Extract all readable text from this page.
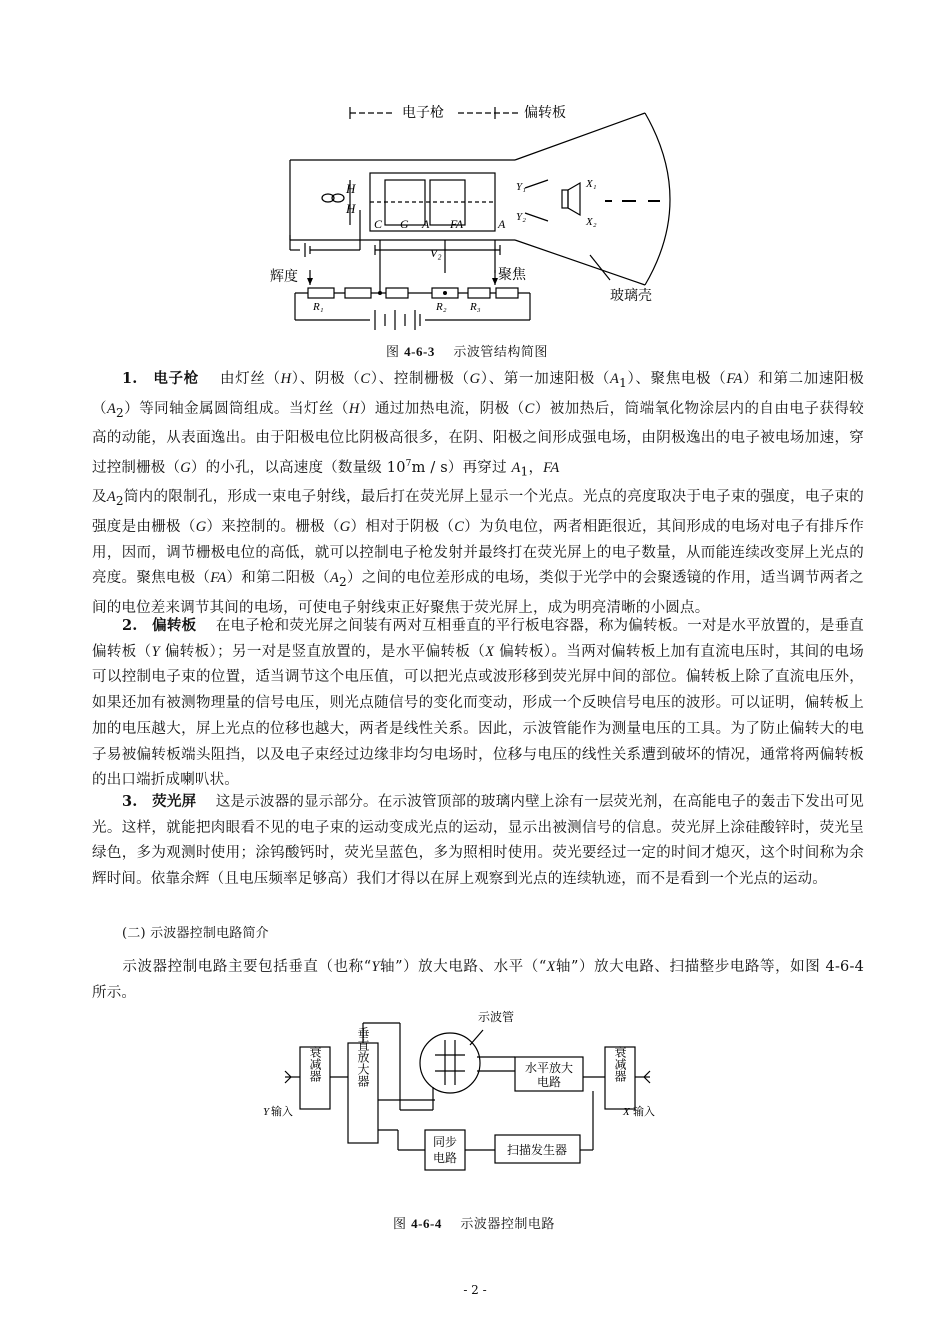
电子枪	偏转板
H
H
C G A FA	A
V₂
Y₁
Y₂
X₁
X₂
辉度	聚焦
玻璃壳
R₁	R₂ R₃
图 4-6-3 示波管结构简图
1. 电子枪 由灯丝（H）、阴极（C）、控制栅极（G）、第一加速阳极$(A_1)$、聚焦电极（FA）和第二加速阳极$(A_2)$等同轴金属圆筒组成。当灯丝（H）通过加热电流，阴极（C）被加热后，筒端氧化物涂层内的自由电子获得较高的动能，从表面逸出。由于阳极电位比阴极高很多，在阴、阳极之间形成强电场，由阴极逸出的电子被电场加速，穿过控制栅极（G）的小孔，以高速度（数量级 $10^7m / s$）再穿过 $A_1$，FA
及$A_2$筒内的限制孔，形成一束电子射线，最后打在荧光屏上显示一个光点。光点的亮度取决于电子束的强度，电子束的强度是由栅极（G）来控制的。栅极（G）相对于阴极（C）为负电位，两者相距很近，其间形成的电场对电子有排斥作用，因而，调节栅极电位的高低，就可以控制电子枪发射并最终打在荧光屏上的电子数量，从而能连续改变屏上光点的亮度。聚焦电极（FA）和第二阳极$(A_2)$之间的电位差形成的电场，类似于光学中的会聚透镜的作用，适当调节两者之间的电位差来调节其间的电场，可使电子射线束正好聚焦于荧光屏上，成为明亮清晰的小圆点。
2. 偏转板 在电子枪和荧光屏之间装有两对互相垂直的平行板电容器，称为偏转板。一对是水平放置的，是垂直偏转板（Y 偏转板）；另一对是竖直放置的，是水平偏转板（X 偏转板）。当两对偏转板上加有直流电压时，其间的电场可以控制电子束的位置，适当调节这个电压值，可以把光点或波形移到荧光屏中间的部位。偏转板上除了直流电压外，如果还加有被测物理量的信号电压，则光点随信号的变化而变动，形成一个反映信号电压的波形。可以证明，偏转板上加的电压越大，屏上光点的位移也越大，两者是线性关系。因此，示波管能作为测量电压的工具。为了防止偏转大的电子易被偏转板端头阻挡，以及电子束经过边缘非均匀电场时，位移与电压的线性关系遭到破坏的情况，通常将两偏转板的出口端折成喇叭状。
3. 荧光屏 这是示波器的显示部分。在示波管顶部的玻璃内壁上涂有一层荧光剂，在高能电子的轰击下发出可见光。这样，就能把肉眼看不见的电子束的运动变成光点的运动，显示出被测信号的信息。荧光屏上涂硅酸锌时，荧光呈绿色，多为观测时使用；涂钨酸钙时，荧光呈蓝色，多为照相时使用。荧光要经过一定的时间才熄灭，这个时间称为余辉时间。依靠余辉（且电压频率足够高）我们才得以在屏上观察到光点的连续轨迹，而不是看到一个光点的运动。
(二) 示波器控制电路简介
示波器控制电路主要包括垂直（也称“Y轴”）放大电路、水平（“X轴”）放大电路、扫描整步电路等，如图 4-6-4 所示。
衰减器	垂直放大器
示波管
水平放大
电路	衰减器
同步
电路
扫描发生器
Y 输入	X 输入
图 4-6-4 示波器控制电路
- 2 -
